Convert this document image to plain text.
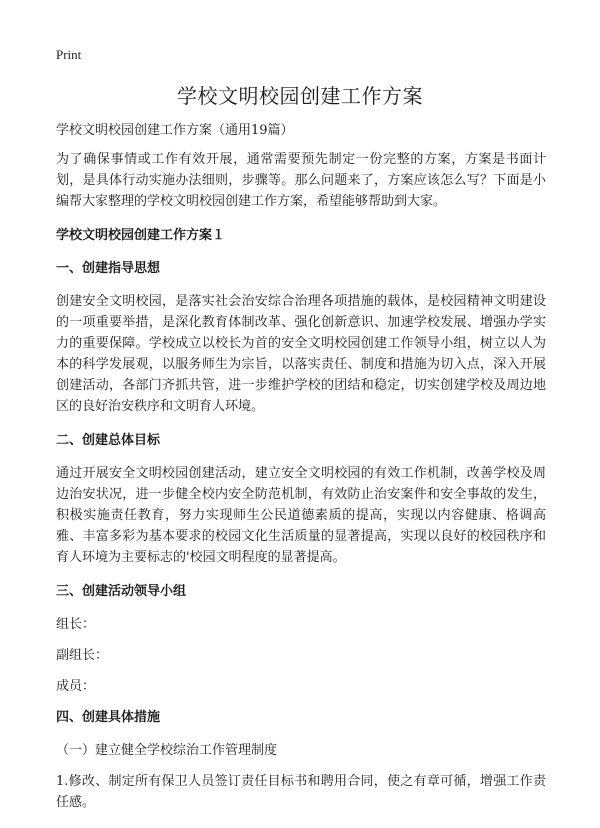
Print
学校文明校园创建工作方案

学校文明校园创建工作方案（通用19篇）

为了确保事情或工作有效开展，通常需要预先制定一份完整的方案，方案是书面计划，是具体行动实施办法细则，步骤等。那么问题来了，方案应该怎么写？下面是小编帮大家整理的学校文明校园创建工作方案，希望能够帮助到大家。

学校文明校园创建工作方案１

一、创建指导思想

创建安全文明校园，是落实社会治安综合治理各项措施的载体，是校园精神文明建设的一项重要举措，是深化教育体制改革、强化创新意识、加速学校发展、增强办学实力的重要保障。学校成立以校长为首的安全文明校园创建工作领导小组，树立以人为本的科学发展观，以服务师生为宗旨，以落实责任、制度和措施为切入点，深入开展创建活动，各部门齐抓共管，进一步维护学校的团结和稳定，切实创建学校及周边地区的良好治安秩序和文明育人环境。

二、创建总体目标

通过开展安全文明校园创建活动，建立安全文明校园的有效工作机制，改善学校及周边治安状况，进一步健全校内安全防范机制，有效防止治安案件和安全事故的发生，积极实施责任教育，努力实现师生公民道德素质的提高，实现以内容健康、格调高雅、丰富多彩为基本要求的校园文化生活质量的显著提高，实现以良好的校园秩序和育人环境为主要标志的'校园文明程度的显著提高。

三、创建活动领导小组

组长：

副组长：

成员：

四、创建具体措施

（一）建立健全学校综治工作管理制度

1.修改、制定所有保卫人员签订责任目标书和聘用合同，使之有章可循，增强工作责任感。
